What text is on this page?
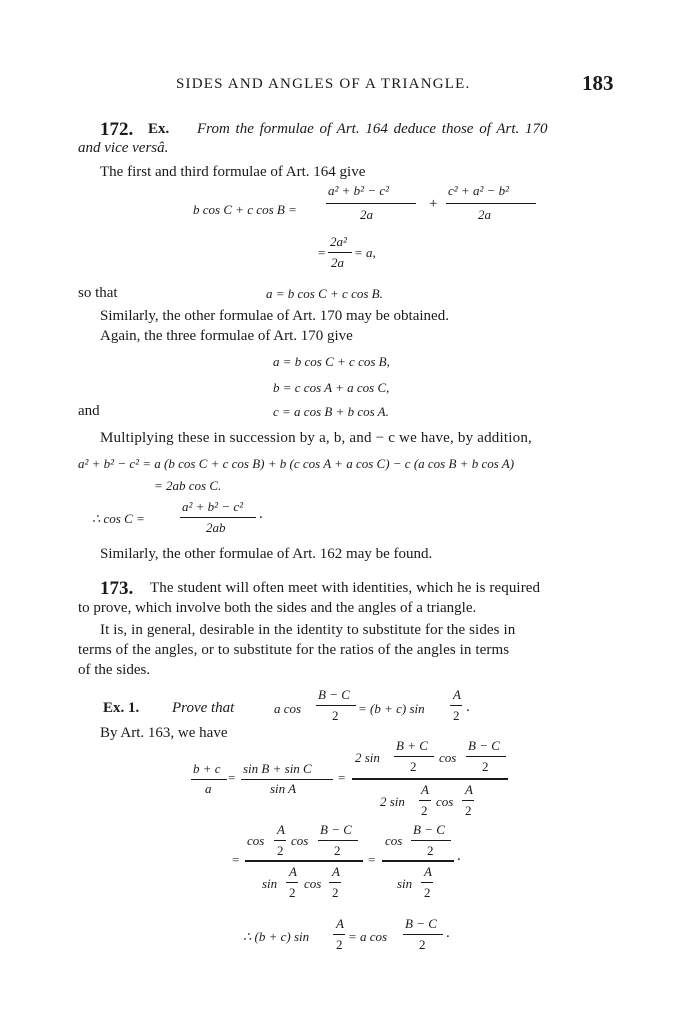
SIDES AND ANGLES OF A TRIANGLE.	183
172. Ex. From the formulae of Art. 164 deduce those of Art. 170
and vice versâ.
The first and third formulae of Art. 164 give
b cos C + c cos B =
a² + b² − c²
2a
+
c² + a² − b²
2a
=
2a²
2a
= a,
so that	a = b cos C + c cos B.
Similarly, the other formulae of Art. 170 may be obtained.
Again, the three formulae of Art. 170 give
a = b cos C + c cos B,
b = c cos A + a cos C,
and	c = a cos B + b cos A.
Multiplying these in succession by a, b, and − c we have, by addition,
a² + b² − c² = a (b cos C + c cos B) + b (c cos A + a cos C) − c (a cos B + b cos A)
= 2ab cos C.
∴ cos C =
a² + b² − c²
2ab
.
Similarly, the other formulae of Art. 162 may be found.
173. The student will often meet with identities, which he is required
to prove, which involve both the sides and the angles of a triangle.
It is, in general, desirable in the identity to substitute for the sides in
terms of the angles, or to substitute for the ratios of the angles in terms
of the sides.
Ex. 1. Prove that	a cos
B − C
2 = (b + c) sin
A
2
.
By Art. 163, we have
b + c
a
=
sin B + sin C
sin A
=
2 sin
B + C
2
cos
B − C
2
2 sin
A
2
cos
A
2
=
cos
A
2
cos
B − C
2
sin
A
2
cos
A
2
=
cos
B − C
2
sin
A
2
.
∴ (b + c) sin
A
2
= a cos
B − C
2
.
